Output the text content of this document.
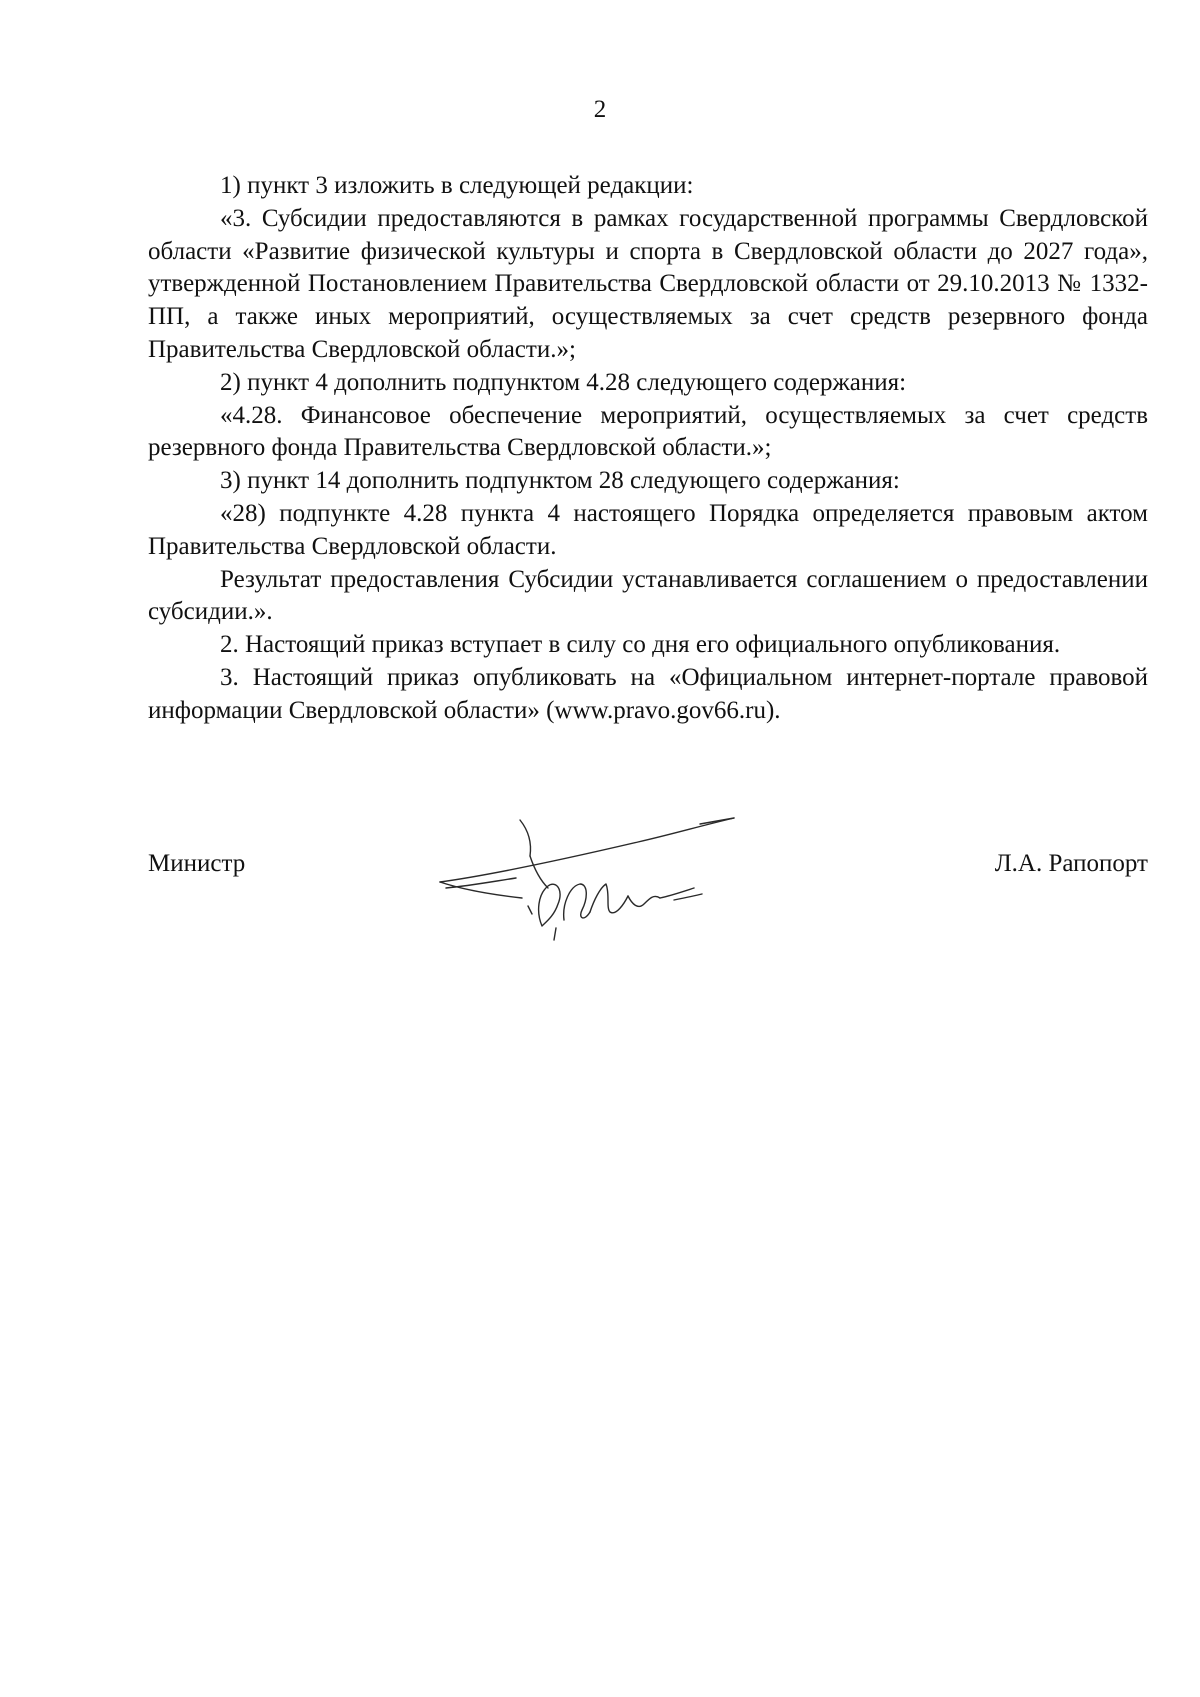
2

1) пункт 3 изложить в следующей редакции:

«3. Субсидии предоставляются в рамках государственной программы Свердловской области «Развитие физической культуры и спорта в Свердловской области до 2027 года», утвержденной Постановлением Правительства Свердловской области от 29.10.2013 № 1332-ПП, а также иных мероприятий, осуществляемых за счет средств резервного фонда Правительства Свердловской области.»;

2) пункт 4 дополнить подпунктом 4.28 следующего содержания:

«4.28. Финансовое обеспечение мероприятий, осуществляемых за счет средств резервного фонда Правительства Свердловской области.»;

3) пункт 14 дополнить подпунктом 28 следующего содержания:

«28) подпункте 4.28 пункта 4 настоящего Порядка определяется правовым актом Правительства Свердловской области.

Результат предоставления Субсидии устанавливается соглашением о предоставлении субсидии.».

2. Настоящий приказ вступает в силу со дня его официального опубликования.

3. Настоящий приказ опубликовать на «Официальном интернет-портале правовой информации Свердловской области» (www.pravo.gov66.ru).

Министр	Л.А. Рапопорт
